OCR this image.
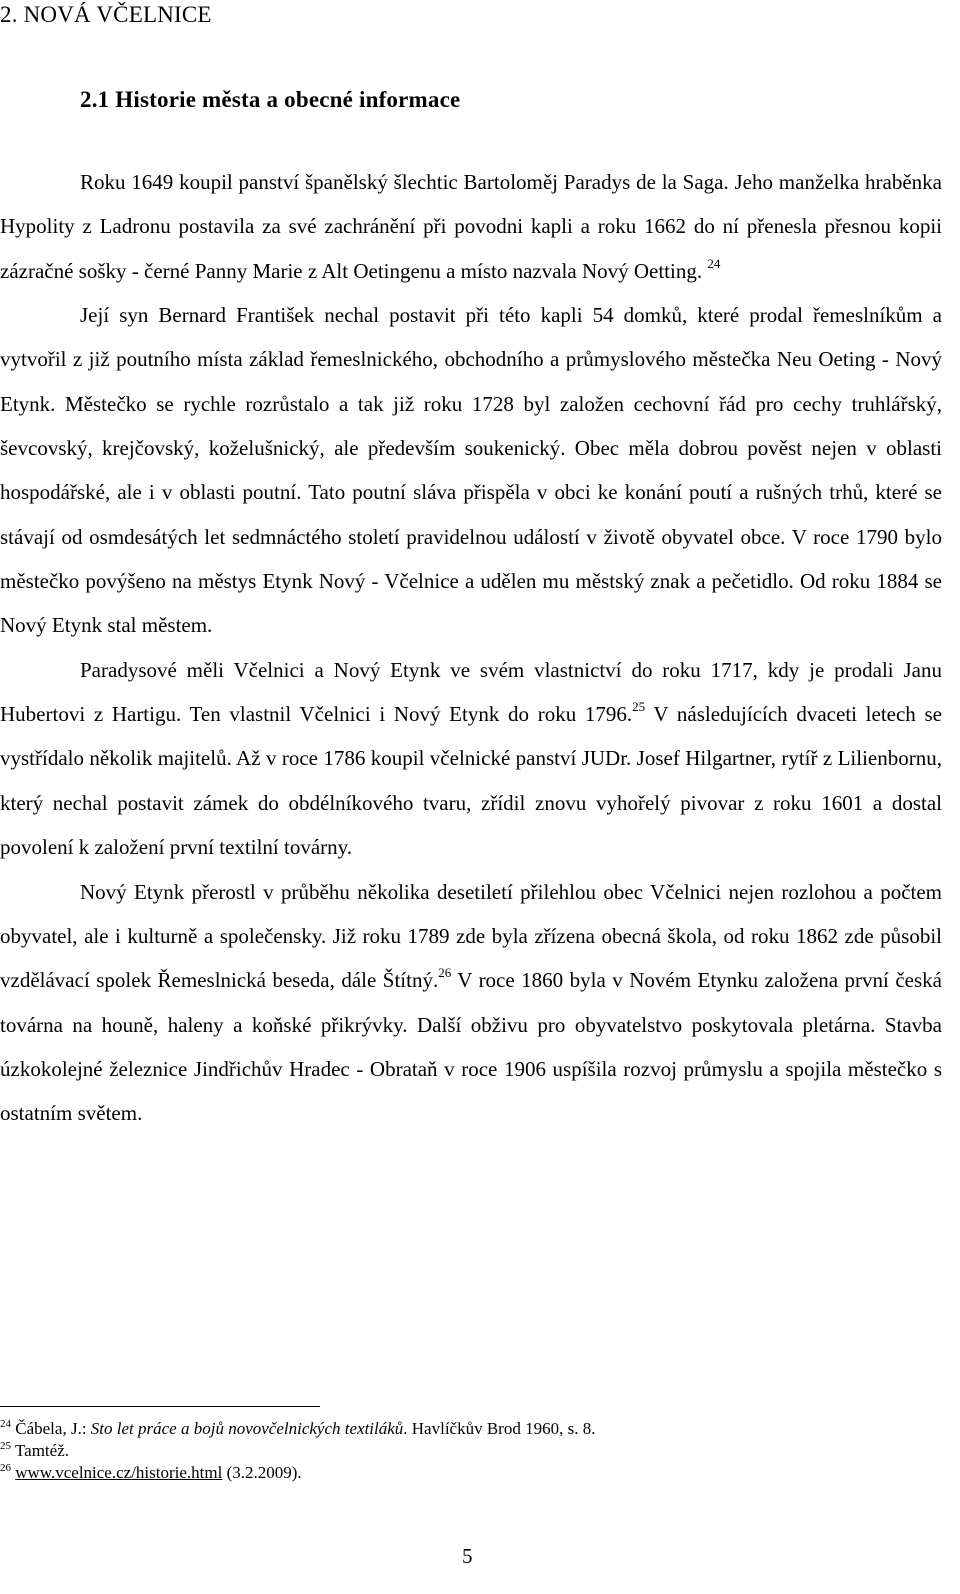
2. NOVÁ VČELNICE
2.1 Historie města a obecné informace

Roku 1649 koupil panství španělský šlechtic Bartoloměj Paradys de la Saga. Jeho manželka hraběnka Hypolity z Ladronu postavila za své zachránění při povodni kapli a roku 1662 do ní přenesla přesnou kopii zázračné sošky - černé Panny Marie z Alt Oetingenu a místo nazvala Nový Oetting. $^{24}$

Její syn Bernard František nechal postavit při této kapli 54 domků, které prodal řemeslníkům a vytvořil z již poutního místa základ řemeslnického, obchodního a průmyslového městečka Neu Oeting - Nový Etynk. Městečko se rychle rozrůstalo a tak již roku 1728 byl založen cechovní řád pro cechy truhlářský, ševcovský, krejčovský, koželušnický, ale především soukenický. Obec měla dobrou pověst nejen v oblasti hospodářské, ale i v oblasti poutní. Tato poutní sláva přispěla v obci ke konání poutí a rušných trhů, které se stávají od osmdesátých let sedmnáctého století pravidelnou událostí v životě obyvatel obce. V roce 1790 bylo městečko povýšeno na městys Etynk Nový - Včelnice a udělen mu městský znak a pečetidlo. Od roku 1884 se Nový Etynk stal městem.

Paradysové měli Včelnici a Nový Etynk ve svém vlastnictví do roku 1717, kdy je prodali Janu Hubertovi z Hartigu. Ten vlastnil Včelnici i Nový Etynk do roku 1796.25 V následujících dvaceti letech se vystřídalo několik majitelů. Až v roce 1786 koupil včelnické panství JUDr. Josef Hilgartner, rytíř z Lilienbornu, který nechal postavit zámek do obdélníkového tvaru, zřídil znovu vyhořelý pivovar z roku 1601 a dostal povolení k založení první textilní továrny.

Nový Etynk přerostl v průběhu několika desetiletí přilehlou obec Včelnici nejen rozlohou a počtem obyvatel, ale i kulturně a společensky. Již roku 1789 zde byla zřízena obecná škola, od roku 1862 zde působil vzdělávací spolek Řemeslnická beseda, dále Štítný.$^{26}$ V roce 1860 byla v Novém Etynku založena první česká továrna na houně, haleny a koňské přikrývky. Další obživu pro obyvatelstvo poskytovala pletárna. Stavba úzkokolejné železnice Jindřichův Hradec - Obrataň v roce 1906 uspíšila rozvoj průmyslu a spojila městečko s ostatním světem.

$^{24}$ Čábela, J.: Sto let práce a bojů novovčelnických textiláků. Havlíčkův Brod 1960, s. 8.

$^{25}$ Tamtéž.

$^{26}$ www.vcelnice.cz/historie.html (3.2.2009).

5
